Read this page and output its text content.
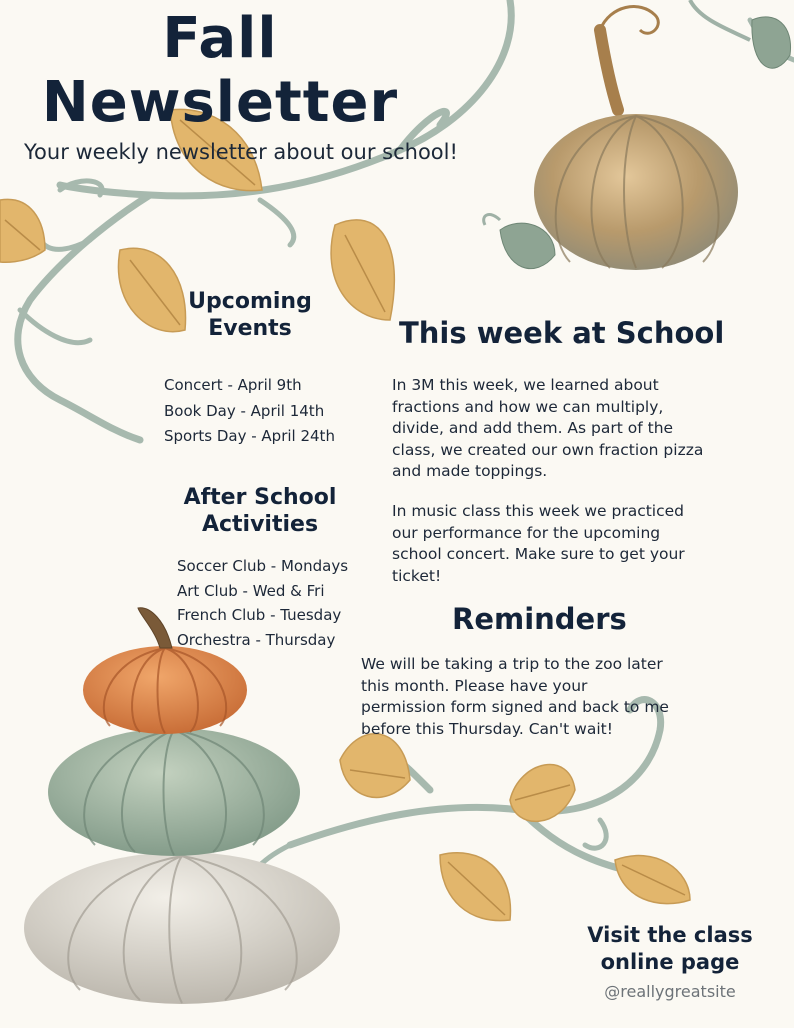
Fall
Newsletter
Your weekly newsletter about our school!
Upcoming
Events
Concert - April 9th
Book Day - April 14th
Sports Day - April 24th
After School
Activities
Soccer Club - Mondays
Art Club - Wed & Fri
French Club - Tuesday
Orchestra - Thursday
This week at School

In 3M this week, we learned about fractions and how we can multiply, divide, and add them. As part of the class, we created our own fraction pizza and made toppings.

In music class this week we practiced our performance for the upcoming school concert. Make sure to get your ticket!

Reminders

We will be taking a trip to the zoo later this month. Please have your permission form signed and back to me before this Thursday. Can't wait!

Visit the class
online page
@reallygreatsite
